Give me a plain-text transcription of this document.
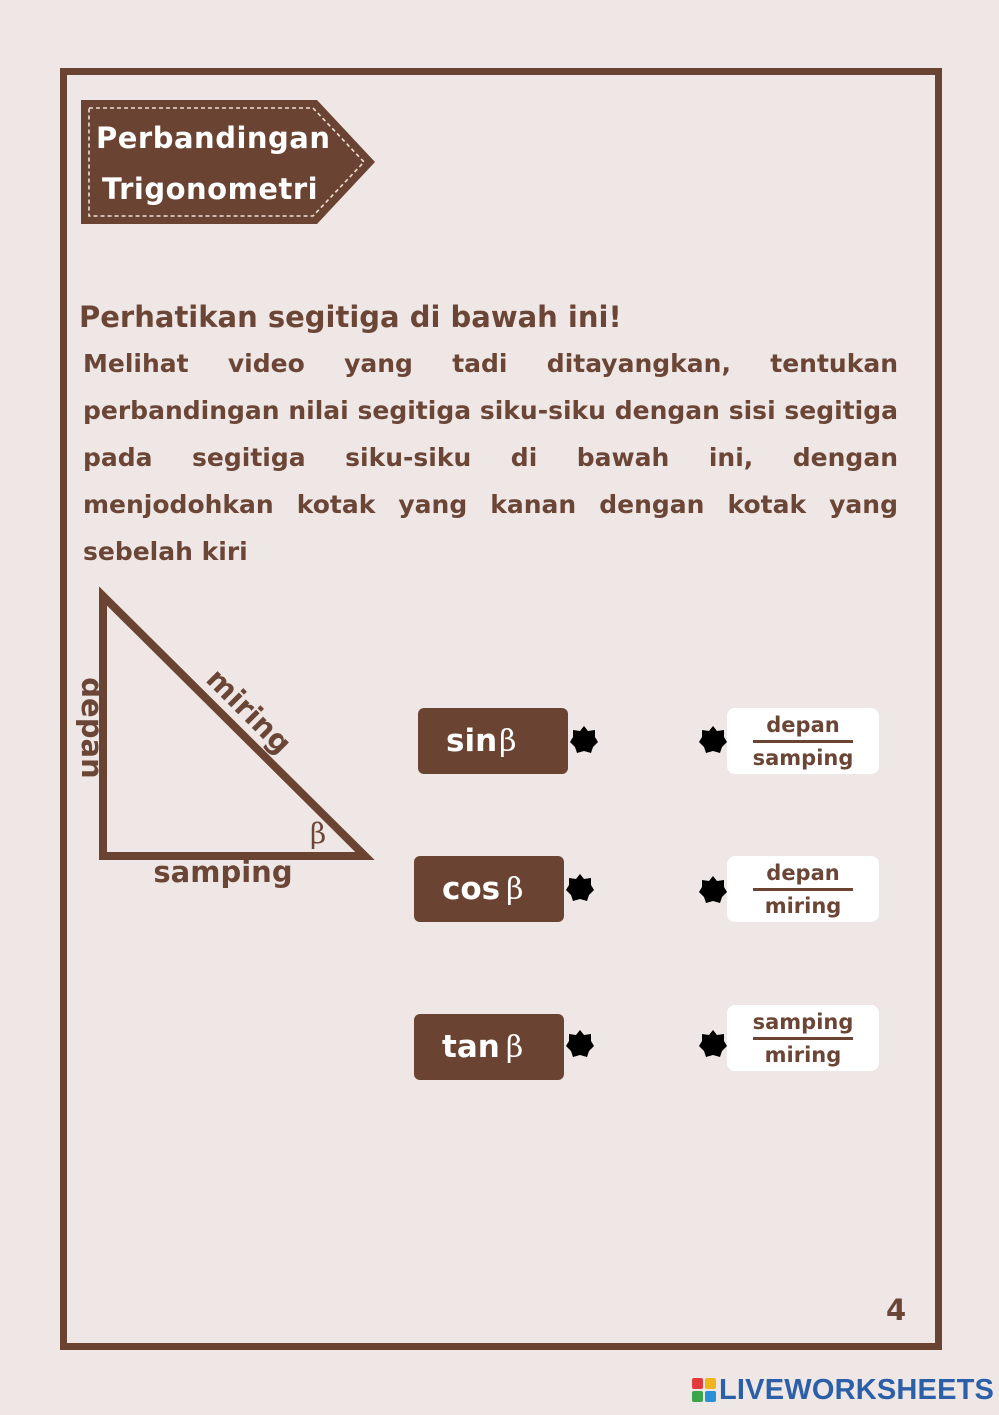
Perbandingan
Trigonometri
Perhatikan segitiga di bawah ini!

Melihat video yang tadi ditayangkan, tentukan perbandingan nilai segitiga siku-siku dengan sisi segitiga pada segitiga siku-siku di bawah ini, dengan menjodohkan kotak yang kanan dengan kotak yang sebelah kiri

depan	miring
samping
β
sin β
cos β
tan β
$\frac{\text{depan}}{\text{samping}}$
$\frac{\text{depan}}{\text{miring}}$
$\frac{\text{samping}}{\text{miring}}$
4
LIVEWORKSHEETS
